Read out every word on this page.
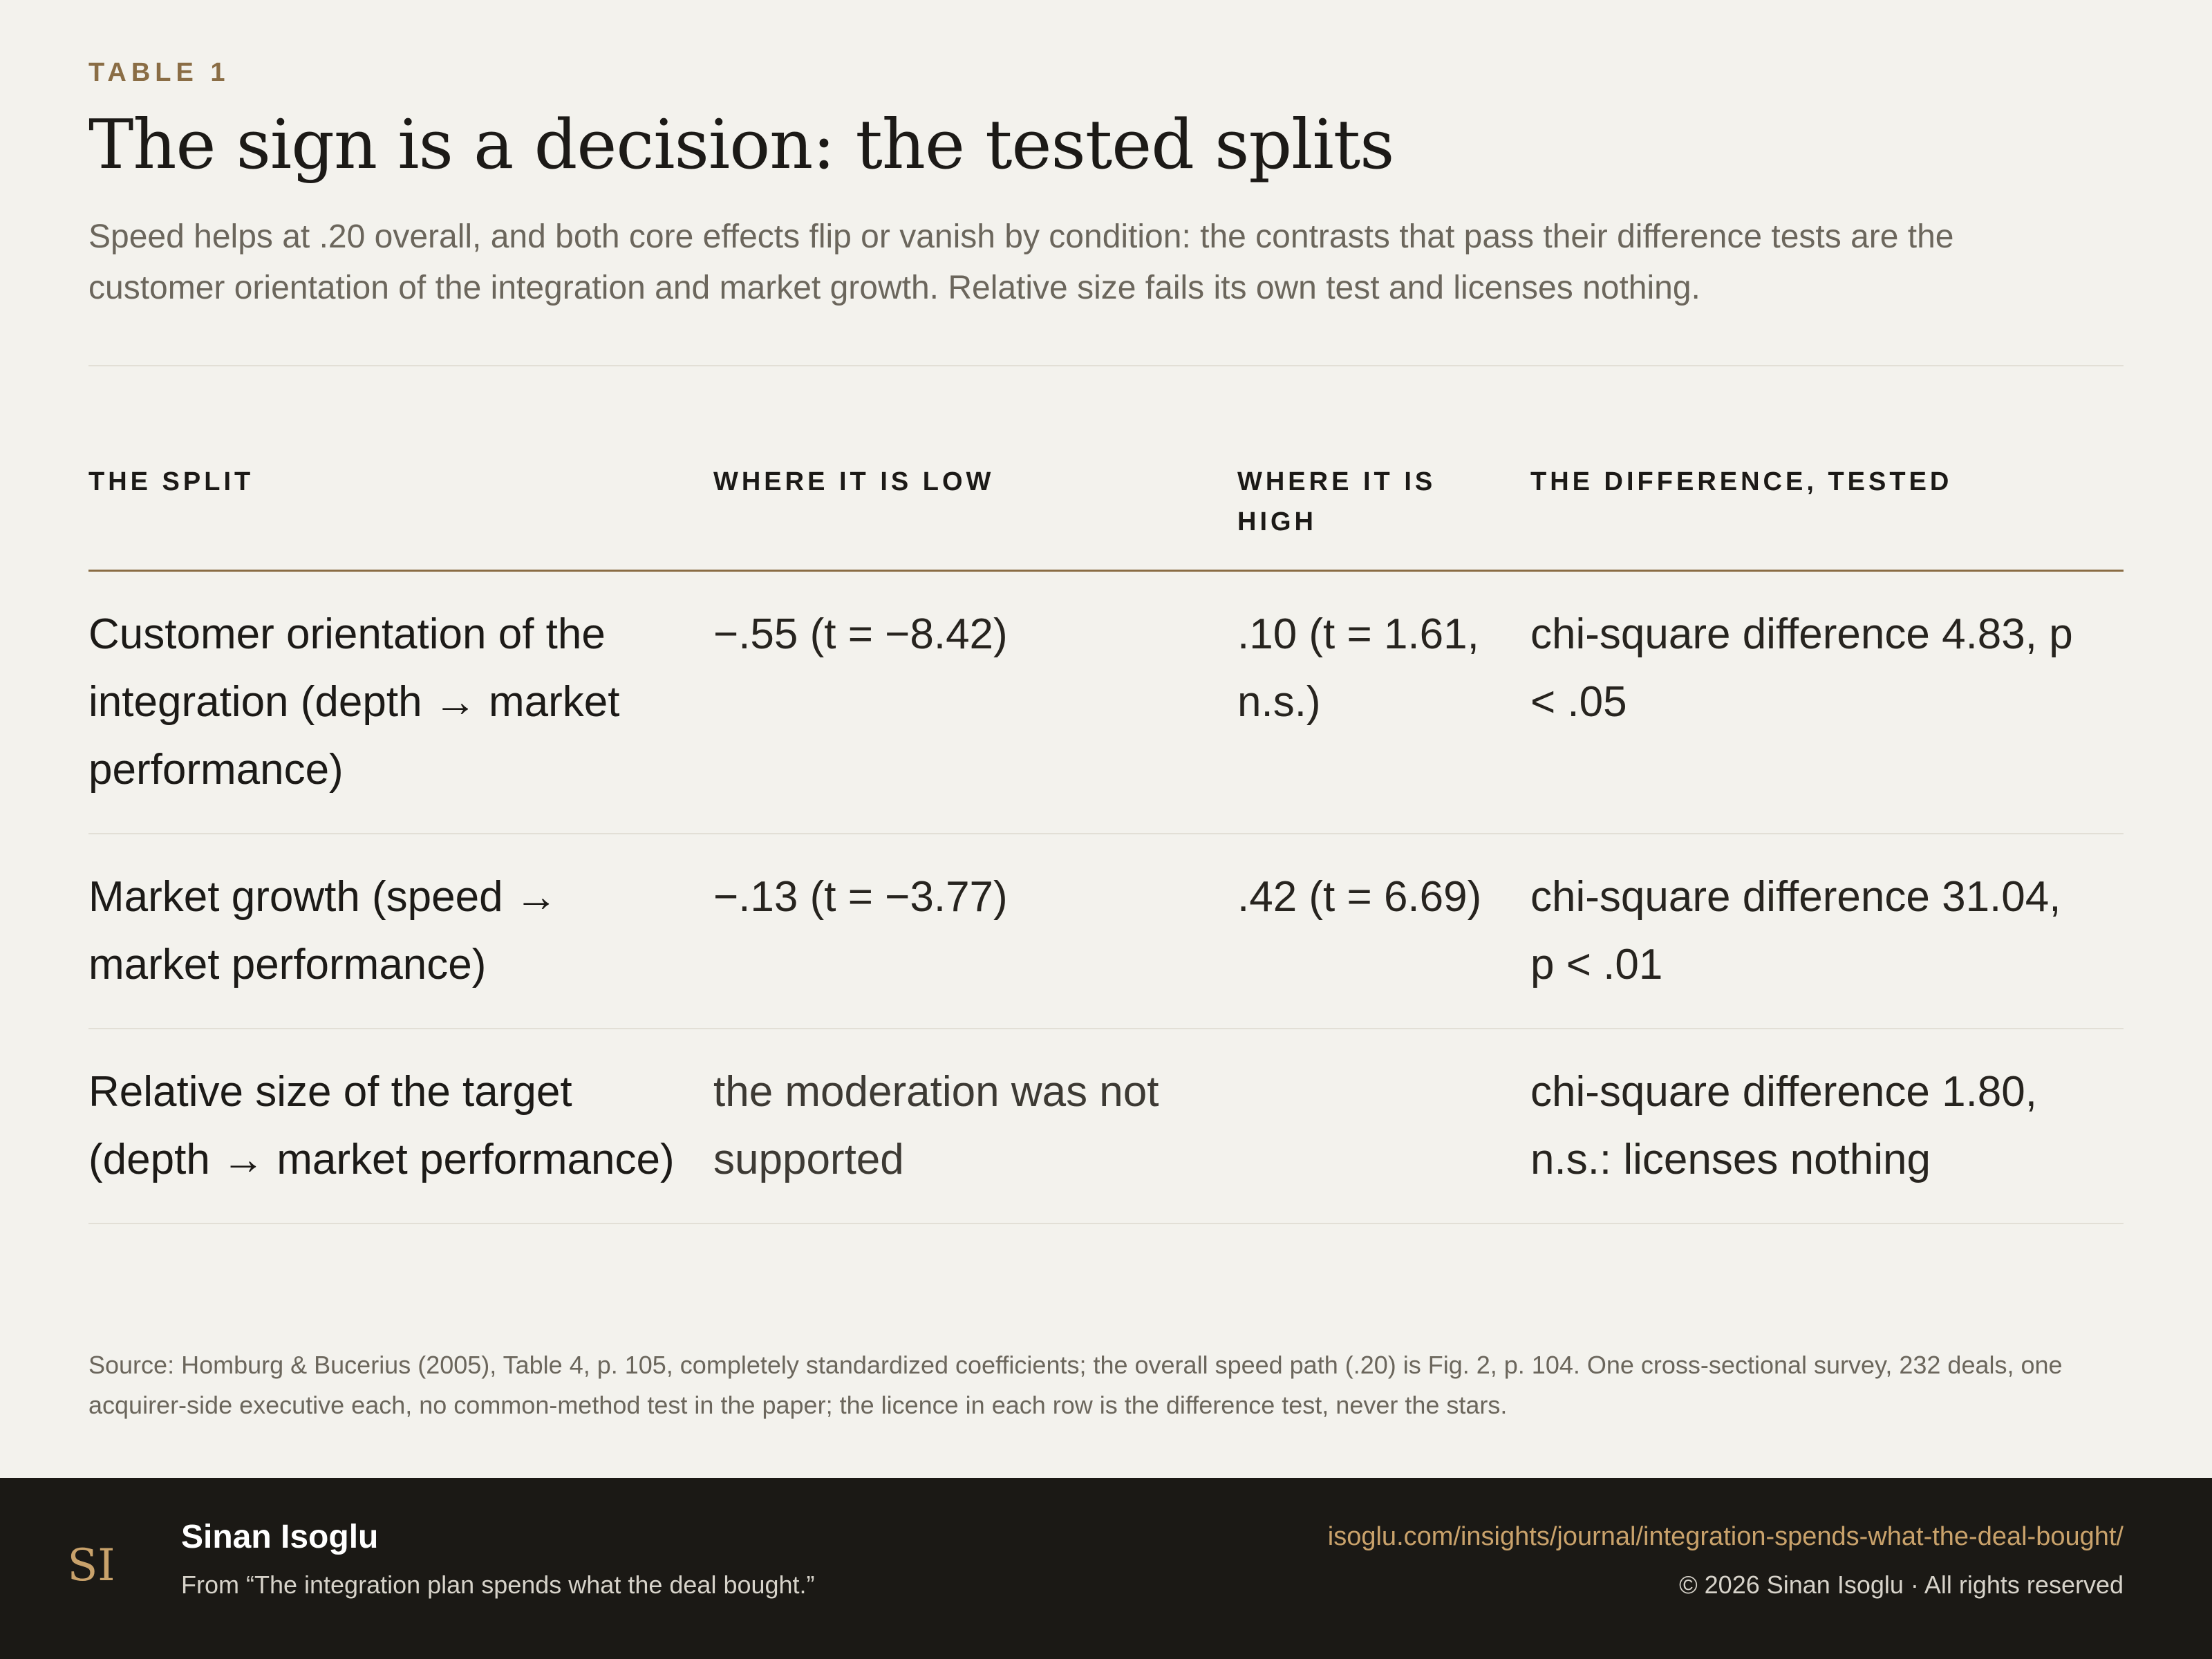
TABLE 1
The sign is a decision: the tested splits

Speed helps at .20 overall, and both core effects flip or vanish by condition: the contrasts that pass their difference tests are the customer orientation of the integration and market growth. Relative size fails its own test and licenses nothing.

THE SPLIT	WHERE IT IS LOW	WHERE IT IS HIGH	THE DIFFERENCE, TESTED
Customer orientation of the integration (depth → market performance)	−.55 (t = −8.42)	.10 (t = 1.61, n.s.)	chi-square difference 4.83, p < .05
Market growth (speed → market performance)	−.13 (t = −3.77)	.42 (t = 6.69)	chi-square difference 31.04, p < .01
Relative size of the target (depth → market performance)	the moderation was not supported		chi-square difference 1.80, n.s.: licenses nothing

Source: Homburg & Bucerius (2005), Table 4, p. 105, completely standardized coefficients; the overall speed path (.20) is Fig. 2, p. 104. One cross-sectional survey, 232 deals, one acquirer-side executive each, no common-method test in the paper; the licence in each row is the difference test, never the stars.

SI
Sinan Isoglu
From “The integration plan spends what the deal bought.”
isoglu.com/insights/journal/integration-spends-what-the-deal-bought/
© 2026 Sinan Isoglu · All rights reserved
